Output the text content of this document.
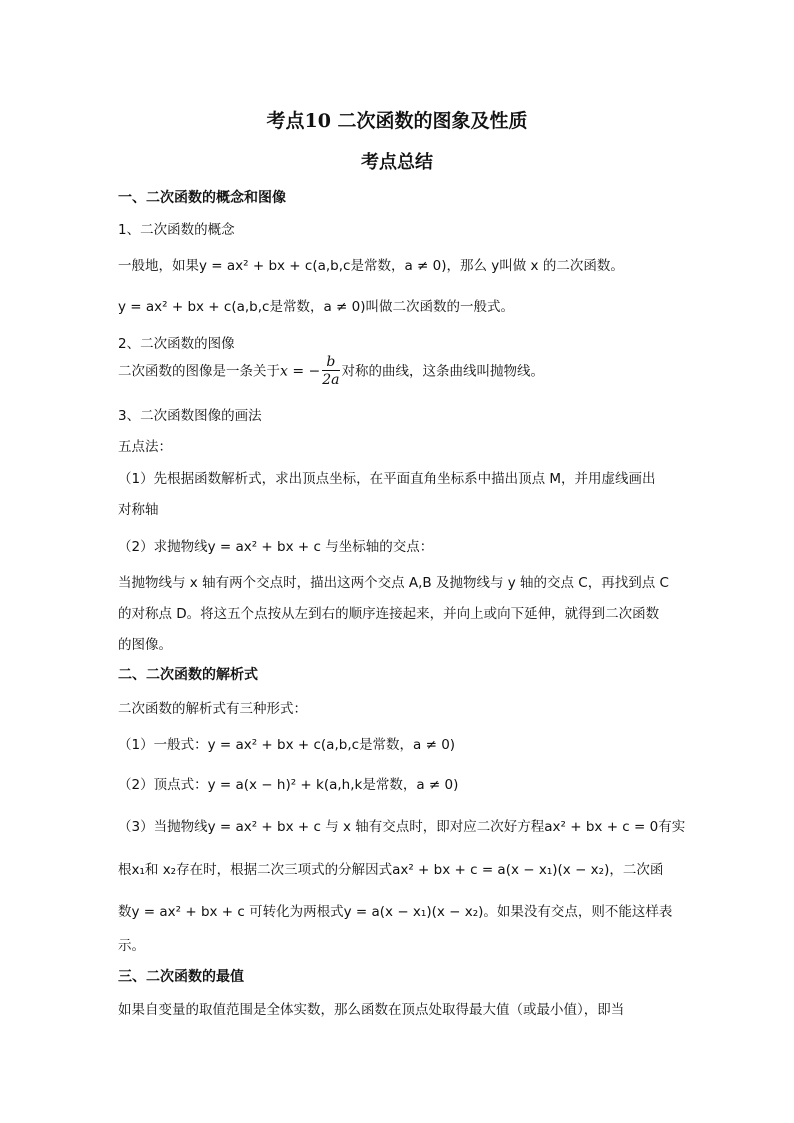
考点10 二次函数的图象及性质
考点总结
一、二次函数的概念和图像
1、二次函数的概念
一般地，如果y = ax² + bx + c(a,b,c是常数，a ≠ 0)，那么 y叫做 x 的二次函数。
y = ax² + bx + c(a,b,c是常数，a ≠ 0)叫做二次函数的一般式。
2、二次函数的图像
二次函数的图像是一条关于x = − $\frac{b}{2a}$ 对称的曲线，这条曲线叫抛物线。
3、二次函数图像的画法
五点法：
（1）先根据函数解析式，求出顶点坐标，在平面直角坐标系中描出顶点 M，并用虚线画出
对称轴
（2）求抛物线y = ax² + bx + c 与坐标轴的交点：
当抛物线与 x 轴有两个交点时，描出这两个交点 A,B 及抛物线与 y 轴的交点 C，再找到点 C
的对称点 D。将这五个点按从左到右的顺序连接起来，并向上或向下延伸，就得到二次函数
的图像。
二、二次函数的解析式
二次函数的解析式有三种形式：
（1）一般式：y = ax² + bx + c(a,b,c是常数，a ≠ 0)
（2）顶点式：y = a(x − h)² + k(a,h,k是常数，a ≠ 0)
（3）当抛物线y = ax² + bx + c 与 x 轴有交点时，即对应二次好方程ax² + bx + c = 0有实
根x₁和 x₂存在时，根据二次三项式的分解因式ax² + bx + c = a(x − x₁)(x − x₂)，二次函
数y = ax² + bx + c 可转化为两根式y = a(x − x₁)(x − x₂)。如果没有交点，则不能这样表
示。
三、二次函数的最值
如果自变量的取值范围是全体实数，那么函数在顶点处取得最大值（或最小值），即当
